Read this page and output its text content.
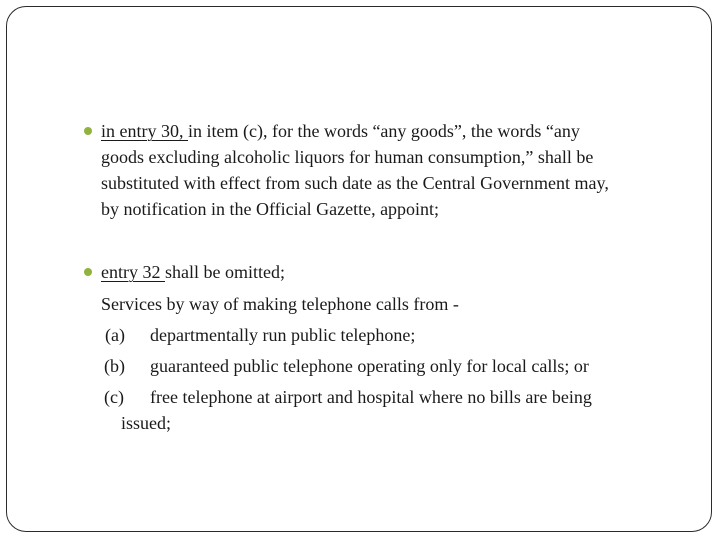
in entry 30, in item (c), for the words “any goods”, the words “any
goods excluding alcoholic liquors for human consumption,” shall be
substituted with effect from such date as the Central Government may,
by notification in the Official Gazette, appoint;
entry 32 shall be omitted;
Services by way of making telephone calls from -
(a) departmentally run public telephone;
(b) guaranteed public telephone operating only for local calls; or
(c) free telephone at airport and hospital where no bills are being
issued;
